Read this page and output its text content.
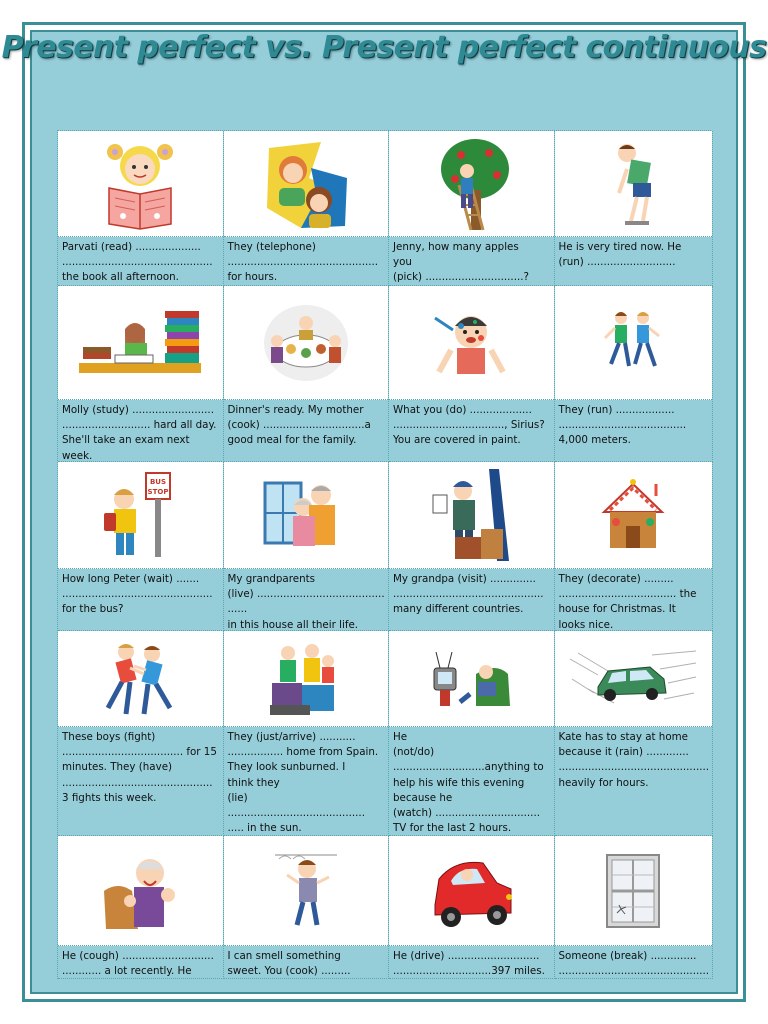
Present perfect vs. Present perfect continuous
Parvati (read) ....................
..............................................
the book all afternoon.
They (telephone)
..............................................
for hours.
Jenny, how many apples
you
(pick) ..............................?
He is very tired now. He
(run) ...........................
Molly (study) .........................
........................... hard all day.
She'll take an exam next
week.
Dinner's ready. My mother
(cook) ...............................a
good meal for the family.
What you (do) ...................
.................................., Sirius?
You are covered in paint.
They (run) ..................
.......................................
4,000 meters.
BUS
STOP
How long Peter (wait) .......
..............................................
for the bus?
My grandparents
(live) .......................................
......
in this house all their life.
My grandpa (visit) ..............
..............................................
many different countries.
They (decorate) .........
.................................... the
house for Christmas. It
looks nice.
These boys (fight)
..................................... for 15
minutes. They (have)
..............................................
3 fights this week.
They (just/arrive) ...........
................. home from Spain.
They look sunburned. I
think they
(lie) ..........................................
..... in the sun.
He
(not/do)
............................anything to
help his wife this evening
because he
(watch) ................................
TV for the last 2 hours.
Kate has to stay at home
because it (rain) .............
..............................................
heavily for hours.
He (cough) ............................
............ a lot recently. He
I can smell something
sweet. You (cook) .........
He (drive) ............................
..............................397 miles.
Someone (break) ..............
..............................................
